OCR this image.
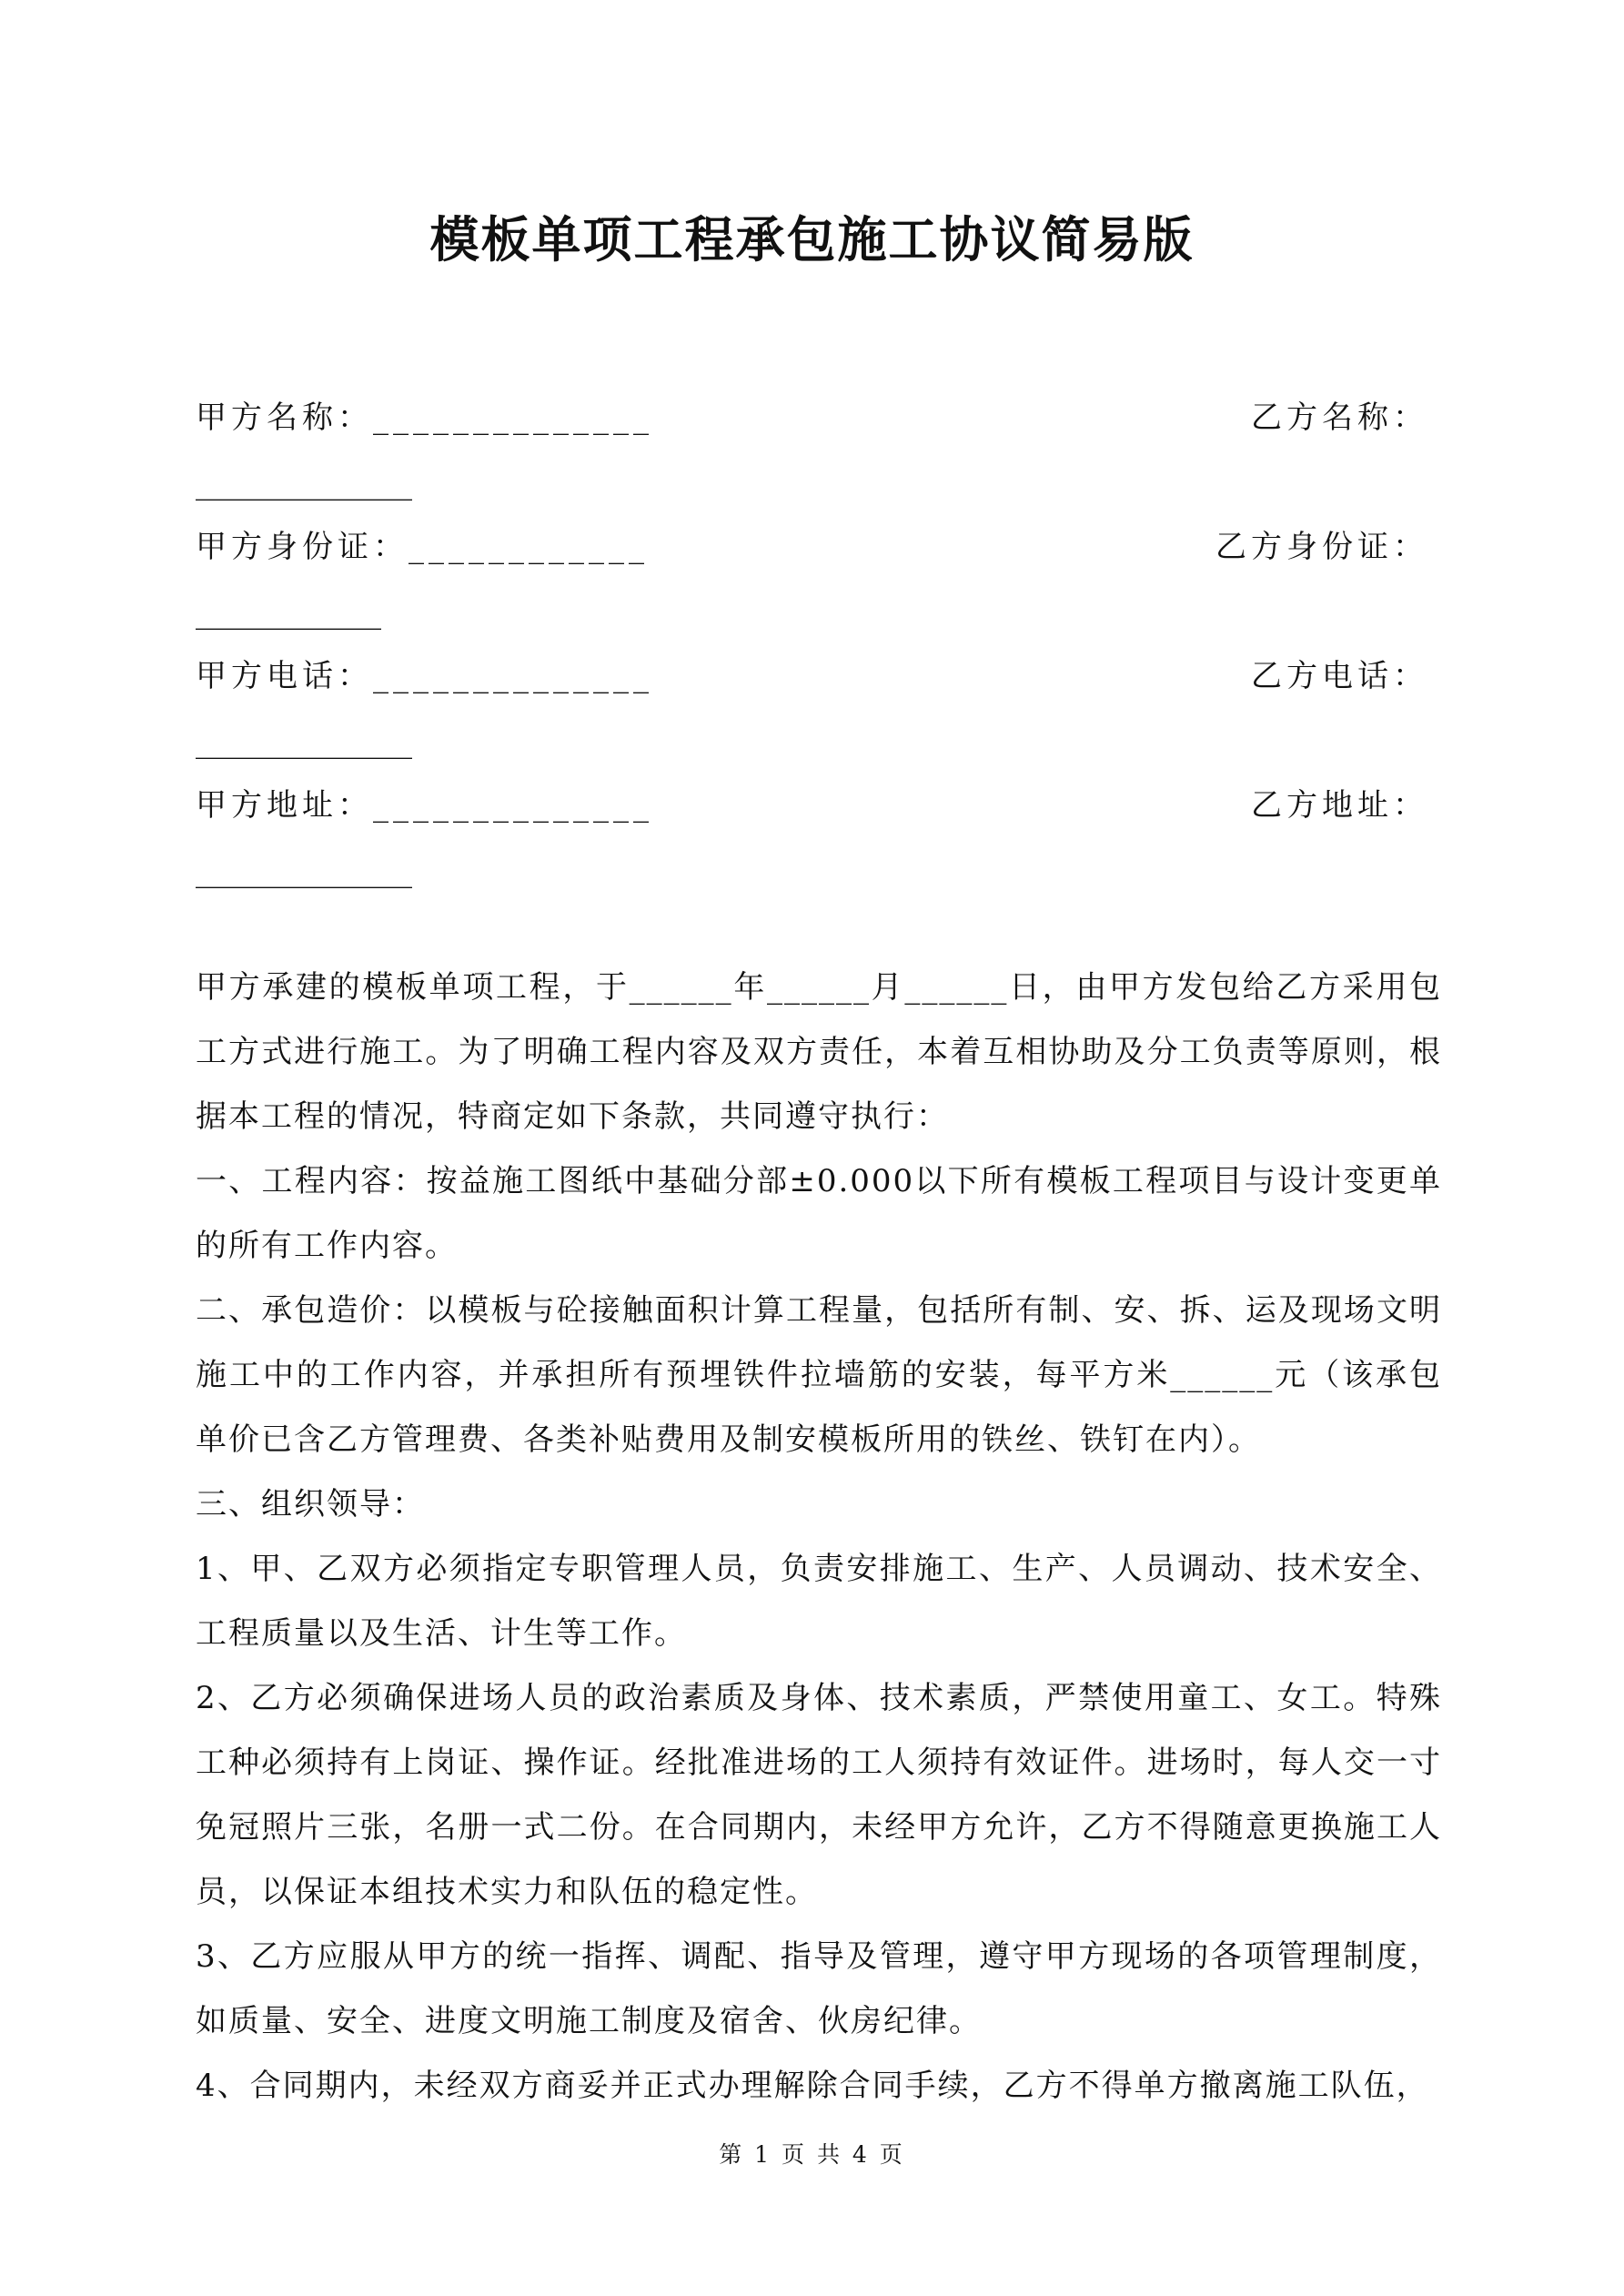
模板单项工程承包施工协议简易版
甲方名称：______________	乙方名称：
______________
甲方身份证：____________	乙方身份证：
____________
甲方电话：______________	乙方电话：
______________
甲方地址：______________	乙方地址：
______________

甲方承建的模板单项工程，于______年______月______日，由甲方发包给乙方采用包工方式进行施工。为了明确工程内容及双方责任，本着互相协助及分工负责等原则，根据本工程的情况，特商定如下条款，共同遵守执行：

一、工程内容：按益施工图纸中基础分部±0.000以下所有模板工程项目与设计变更单的所有工作内容。

二、承包造价：以模板与砼接触面积计算工程量，包括所有制、安、拆、运及现场文明施工中的工作内容，并承担所有预埋铁件拉墙筋的安装，每平方米______元（该承包单价已含乙方管理费、各类补贴费用及制安模板所用的铁丝、铁钉在内）。

三、组织领导：

1、甲、乙双方必须指定专职管理人员，负责安排施工、生产、人员调动、技术安全、工程质量以及生活、计生等工作。

2、乙方必须确保进场人员的政治素质及身体、技术素质，严禁使用童工、女工。特殊工种必须持有上岗证、操作证。经批准进场的工人须持有效证件。进场时，每人交一寸免冠照片三张，名册一式二份。在合同期内，未经甲方允许，乙方不得随意更换施工人员，以保证本组技术实力和队伍的稳定性。

3、乙方应服从甲方的统一指挥、调配、指导及管理，遵守甲方现场的各项管理制度，如质量、安全、进度文明施工制度及宿舍、伙房纪律。

4、合同期内，未经双方商妥并正式办理解除合同手续，乙方不得单方撤离施工队伍，

第 1 页 共 4 页
